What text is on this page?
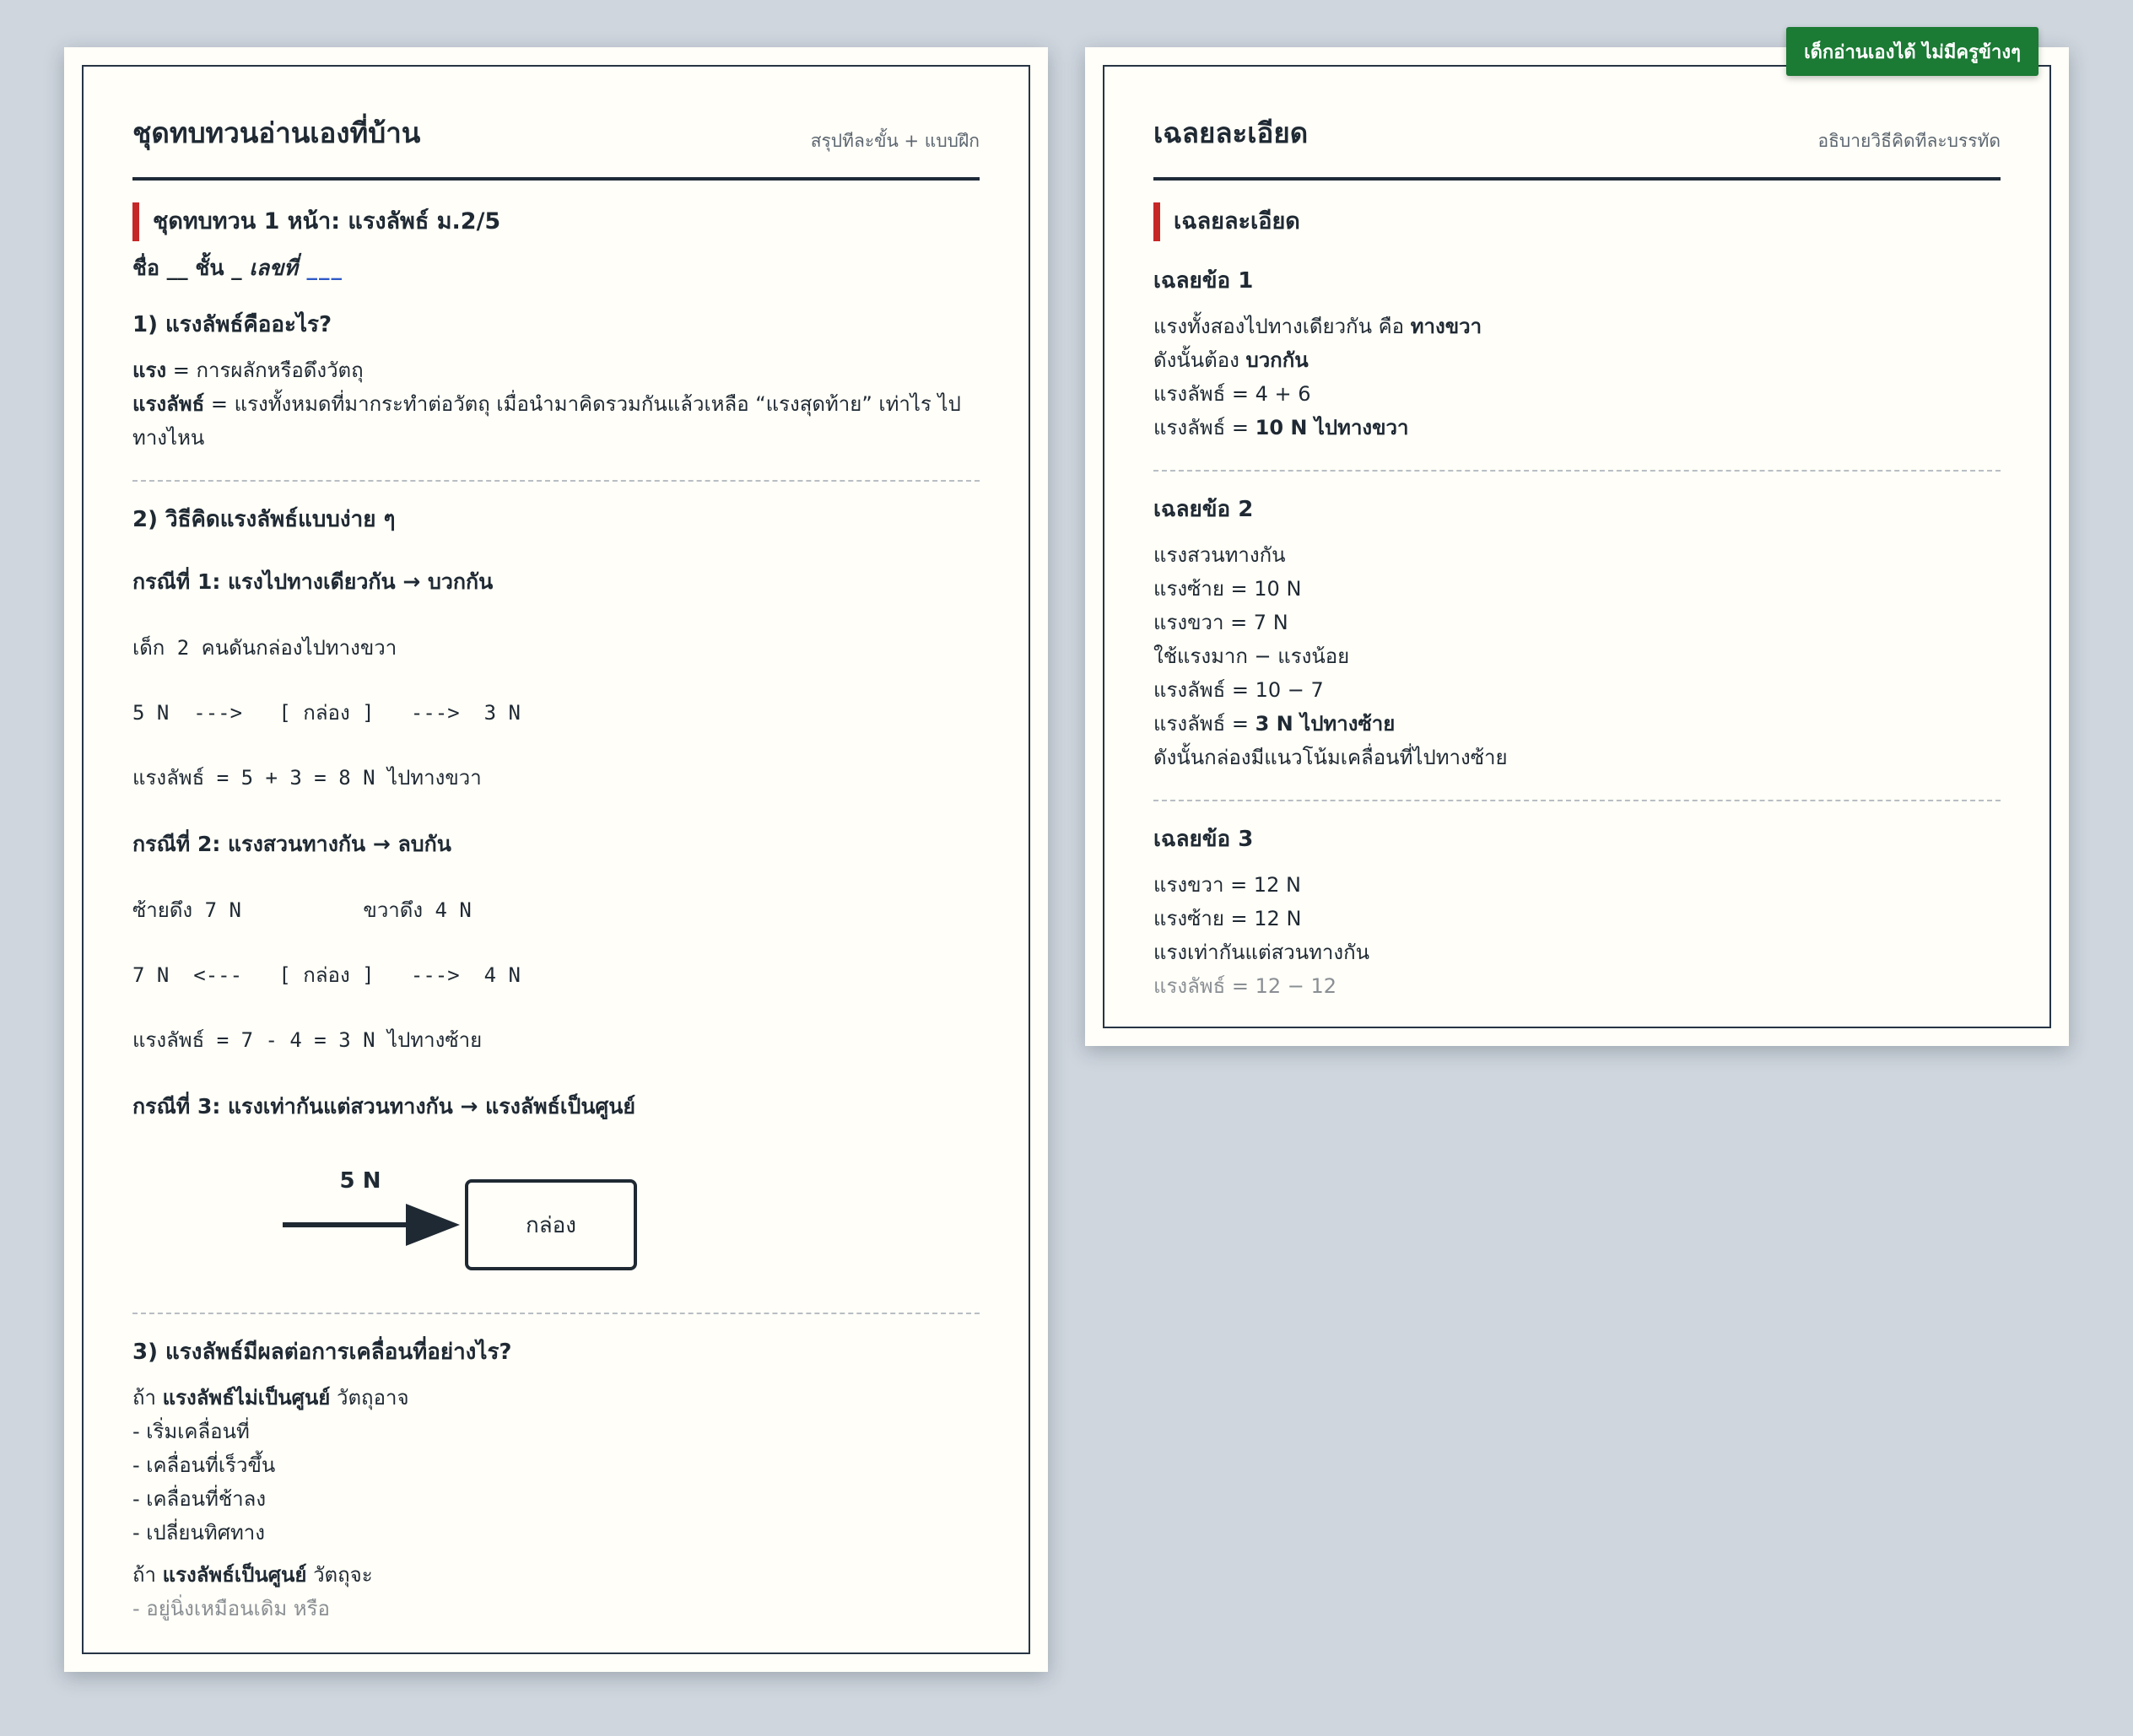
ชุดทบทวนอ่านเองที่บ้าน	สรุปทีละขั้น + แบบฝึก
ชุดทบทวน 1 หน้า: แรงลัพธ์ ม.2/5
ชื่อ __ ชั้น _ เลขที่ ___
1) แรงลัพธ์คืออะไร?
แรง = การผลักหรือดึงวัตถุ
แรงลัพธ์ = แรงทั้งหมดที่มากระทำต่อวัตถุ เมื่อนำมาคิดรวมกันแล้วเหลือ “แรงสุดท้าย” เท่าไร ไปทางไหน
2) วิธีคิดแรงลัพธ์แบบง่าย ๆ
กรณีที่ 1: แรงไปทางเดียวกัน → บวกกัน
เด็ก 2 คนดันกล่องไปทางขวา
5 N  --->   [ กล่อง ]   --->  3 N
แรงลัพธ์ = 5 + 3 = 8 N ไปทางขวา
กรณีที่ 2: แรงสวนทางกัน → ลบกัน
ซ้ายดึง 7 N          ขวาดึง 4 N
7 N  <---   [ กล่อง ]   --->  4 N
แรงลัพธ์ = 7 - 4 = 3 N ไปทางซ้าย
กรณีที่ 3: แรงเท่ากันแต่สวนทางกัน → แรงลัพธ์เป็นศูนย์
5 N
กล่อง
3) แรงลัพธ์มีผลต่อการเคลื่อนที่อย่างไร?
ถ้า แรงลัพธ์ไม่เป็นศูนย์ วัตถุอาจ
- เริ่มเคลื่อนที่
- เคลื่อนที่เร็วขึ้น
- เคลื่อนที่ช้าลง
- เปลี่ยนทิศทาง
ถ้า แรงลัพธ์เป็นศูนย์ วัตถุจะ
- อยู่นิ่งเหมือนเดิม หรือ
เฉลยละเอียด	อธิบายวิธีคิดทีละบรรทัด
เฉลยละเอียด
เฉลยข้อ 1
แรงทั้งสองไปทางเดียวกัน คือ ทางขวา
ดังนั้นต้อง บวกกัน
แรงลัพธ์ = 4 + 6
แรงลัพธ์ = 10 N ไปทางขวา
เฉลยข้อ 2
แรงสวนทางกัน
แรงซ้าย = 10 N
แรงขวา = 7 N
ใช้แรงมาก − แรงน้อย
แรงลัพธ์ = 10 − 7
แรงลัพธ์ = 3 N ไปทางซ้าย
ดังนั้นกล่องมีแนวโน้มเคลื่อนที่ไปทางซ้าย
เฉลยข้อ 3
แรงขวา = 12 N
แรงซ้าย = 12 N
แรงเท่ากันแต่สวนทางกัน
แรงลัพธ์ = 12 − 12
เด็กอ่านเองได้ ไม่มีครูข้างๆ
